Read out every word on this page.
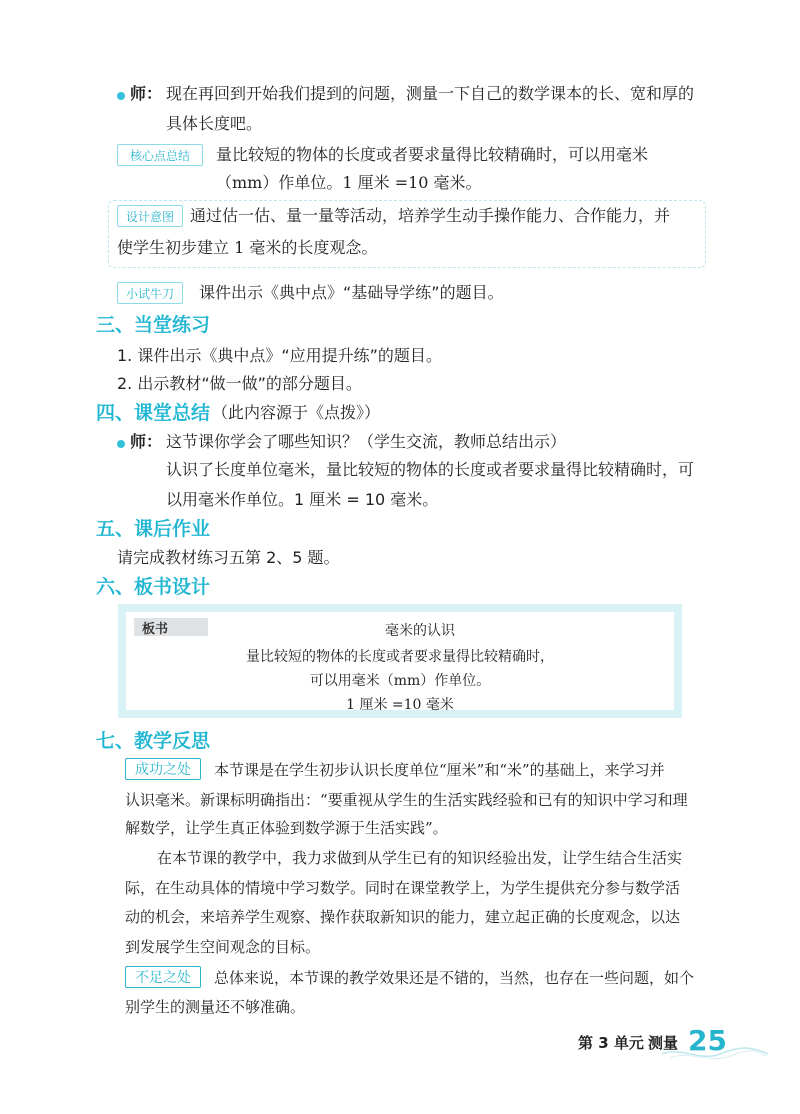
师： 现在再回到开始我们提到的问题，测量一下自己的数学课本的长、宽和厚的
具体长度吧。
核心点总结	量比较短的物体的长度或者要求量得比较精确时，可以用毫米
（mm）作单位。1 厘米 =10 毫米。
设计意图	通过估一估、量一量等活动，培养学生动手操作能力、合作能力，并
使学生初步建立 1 毫米的长度观念。
小试牛刀	课件出示《典中点》“基础导学练”的题目。
三、当堂练习
1. 课件出示《典中点》“应用提升练”的题目。
2. 出示教材“做一做”的部分题目。
四、课堂总结 （此内容源于《点拨》）
师： 这节课你学会了哪些知识？（学生交流，教师总结出示）
认识了长度单位毫米，量比较短的物体的长度或者要求量得比较精确时，可
以用毫米作单位。1 厘米 = 10 毫米。
五、课后作业
请完成教材练习五第 2、5 题。
六、板书设计
板书	毫米的认识
量比较短的物体的长度或者要求量得比较精确时，
可以用毫米（mm）作单位。
1 厘米 =10 毫米
七、教学反思
成功之处	本节课是在学生初步认识长度单位“厘米”和“米”的基础上，来学习并
认识毫米。新课标明确指出：“要重视从学生的生活实践经验和已有的知识中学习和理
解数学，让学生真正体验到数学源于生活实践”。
在本节课的教学中，我力求做到从学生已有的知识经验出发，让学生结合生活实
际，在生动具体的情境中学习数学。同时在课堂教学上，为学生提供充分参与数学活
动的机会，来培养学生观察、操作获取新知识的能力，建立起正确的长度观念，以达
到发展学生空间观念的目标。
不足之处	总体来说，本节课的教学效果还是不错的，当然，也存在一些问题，如个
别学生的测量还不够准确。
第 3 单元 测量 25
